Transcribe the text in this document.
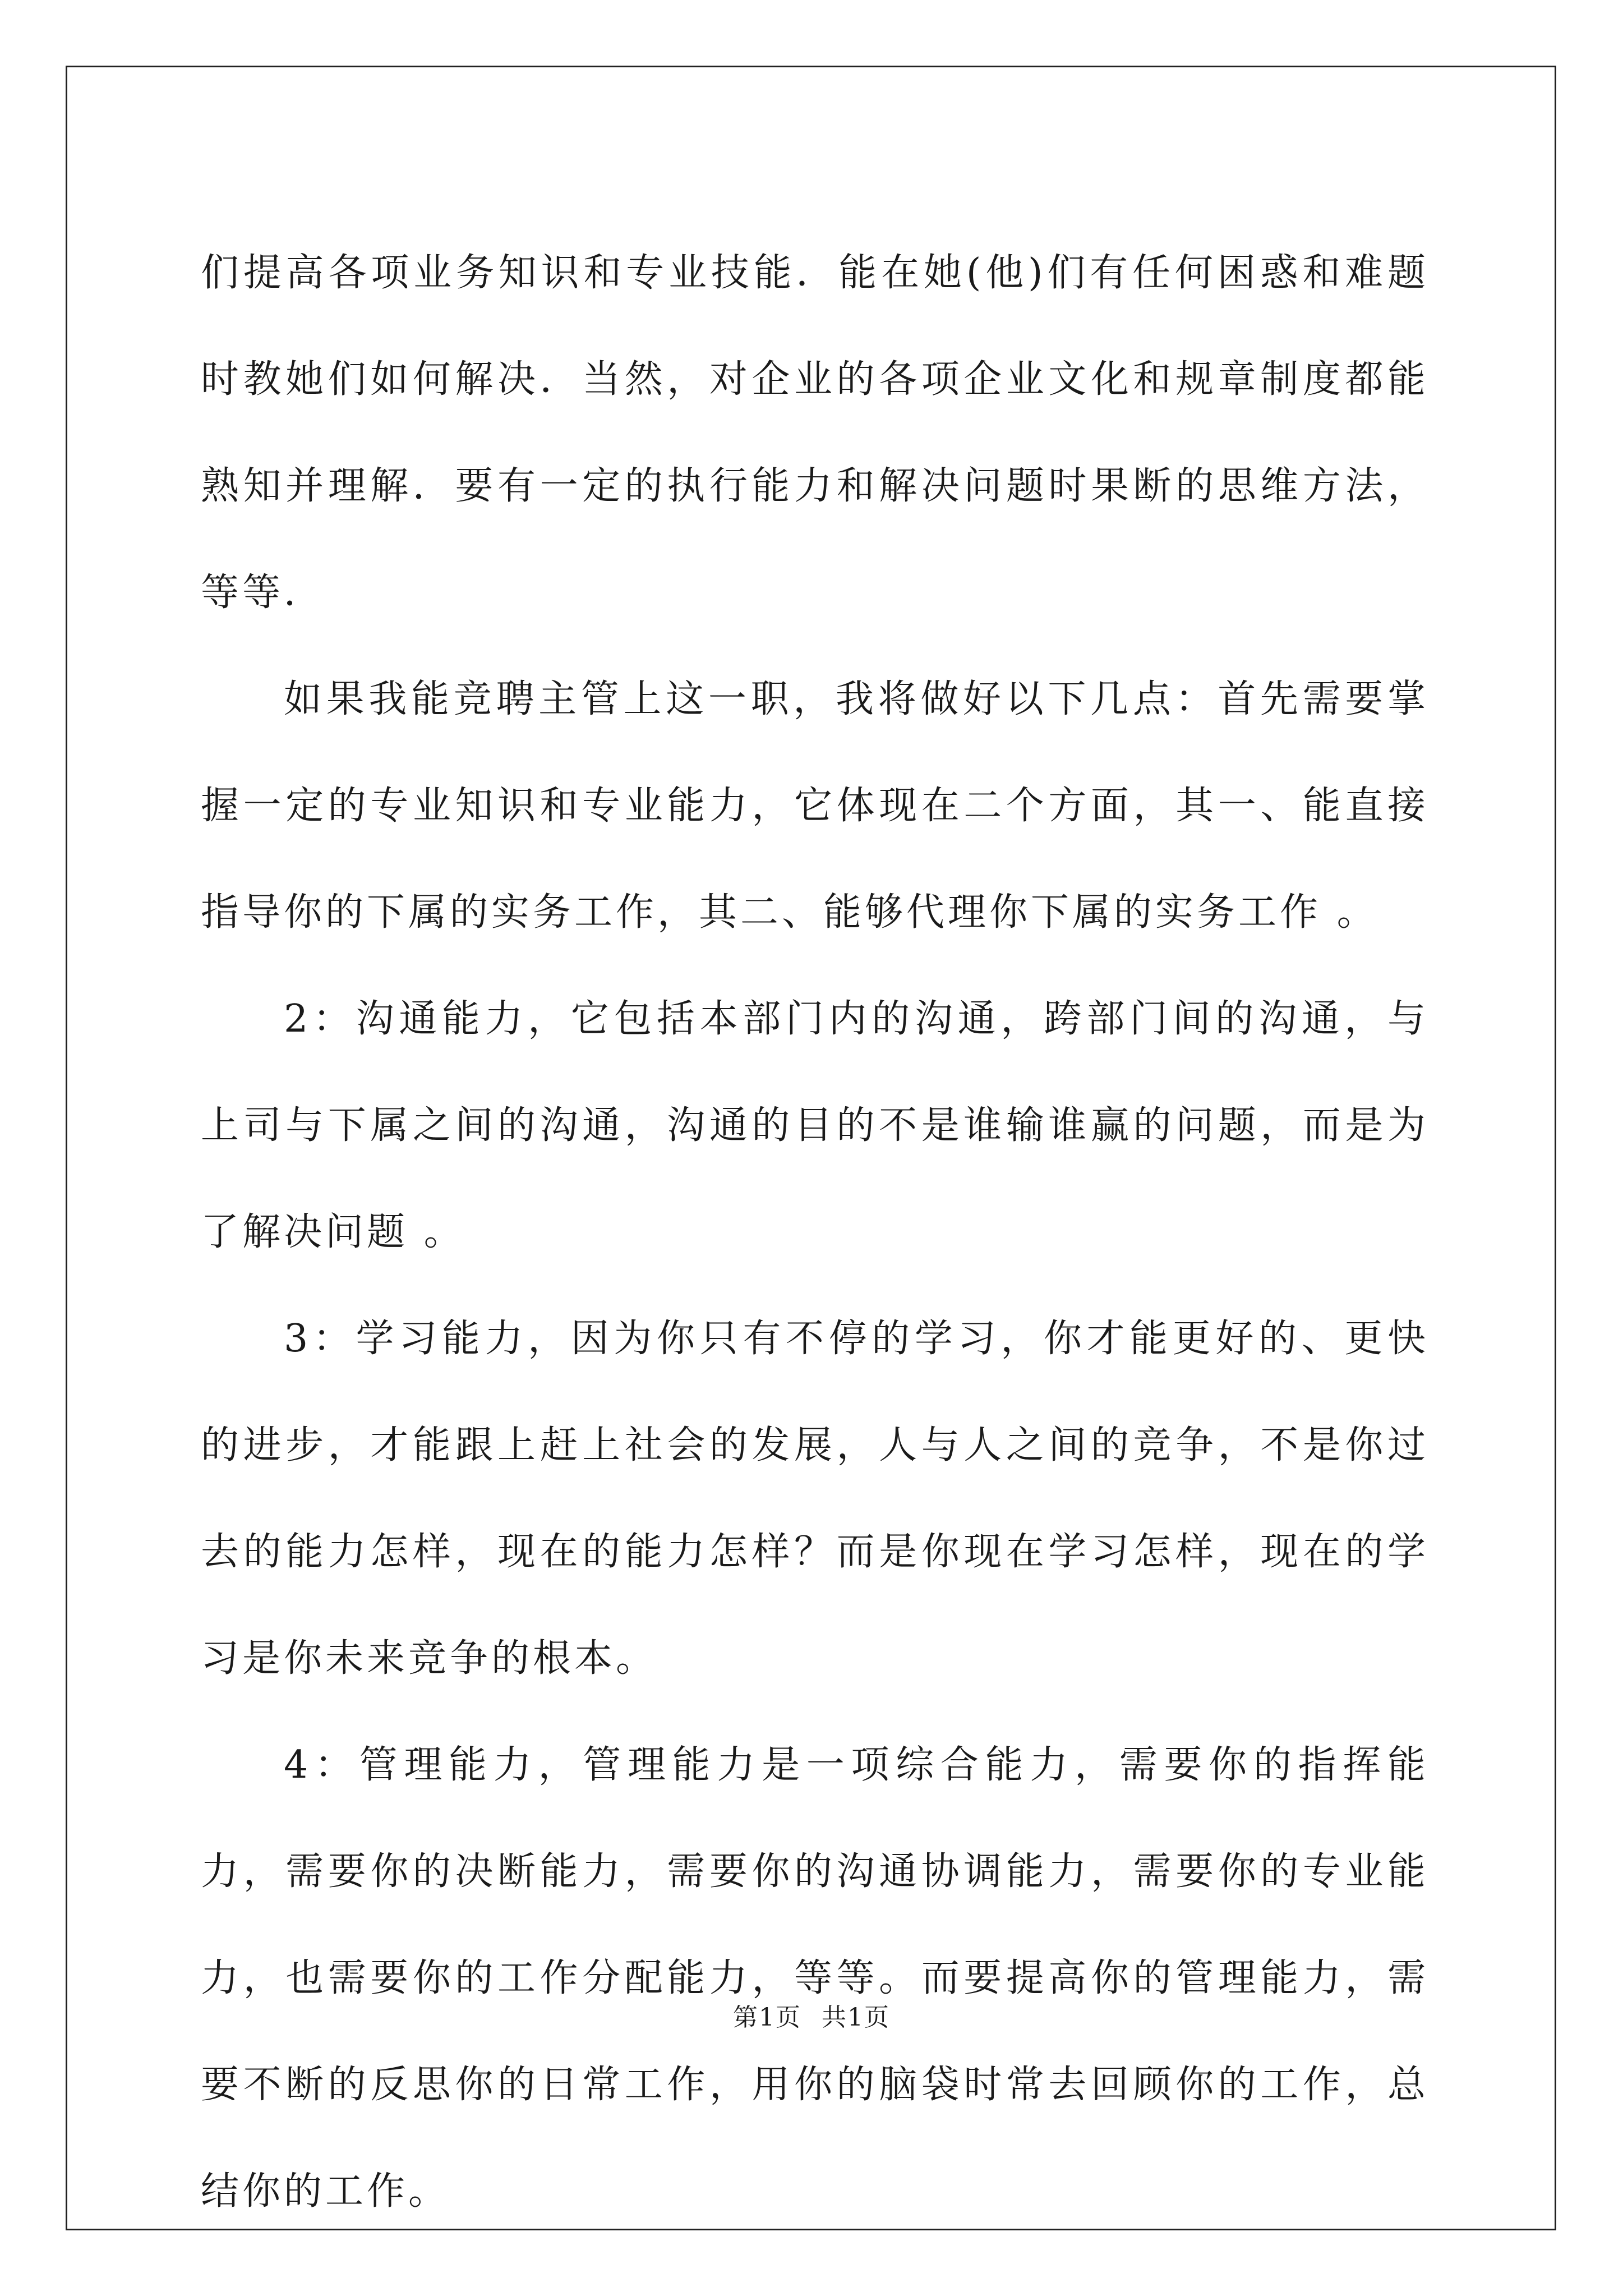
们提高各项业务知识和专业技能．能在她(他)们有任何困惑和难题时教她们如何解决．当然，对企业的各项企业文化和规章制度都能熟知并理解．要有一定的执行能力和解决问题时果断的思维方法，等等．

如果我能竞聘主管上这一职，我将做好以下几点：首先需要掌握一定的专业知识和专业能力，它体现在二个方面，其一、能直接指导你的下属的实务工作，其二、能够代理你下属的实务工作 。

2：沟通能力，它包括本部门内的沟通，跨部门间的沟通，与上司与下属之间的沟通，沟通的目的不是谁输谁赢的问题，而是为了解决问题 。

3：学习能力，因为你只有不停的学习，你才能更好的、更快的进步，才能跟上赶上社会的发展，人与人之间的竞争，不是你过去的能力怎样，现在的能力怎样？而是你现在学习怎样，现在的学习是你未来竞争的根本。

4：管理能力，管理能力是一项综合能力，需要你的指挥能力，需要你的决断能力，需要你的沟通协调能力，需要你的专业能力，也需要你的工作分配能力，等等。而要提高你的管理能力，需要不断的反思你的日常工作，用你的脑袋时常去回顾你的工作，总结你的工作。

第1页 共1页
